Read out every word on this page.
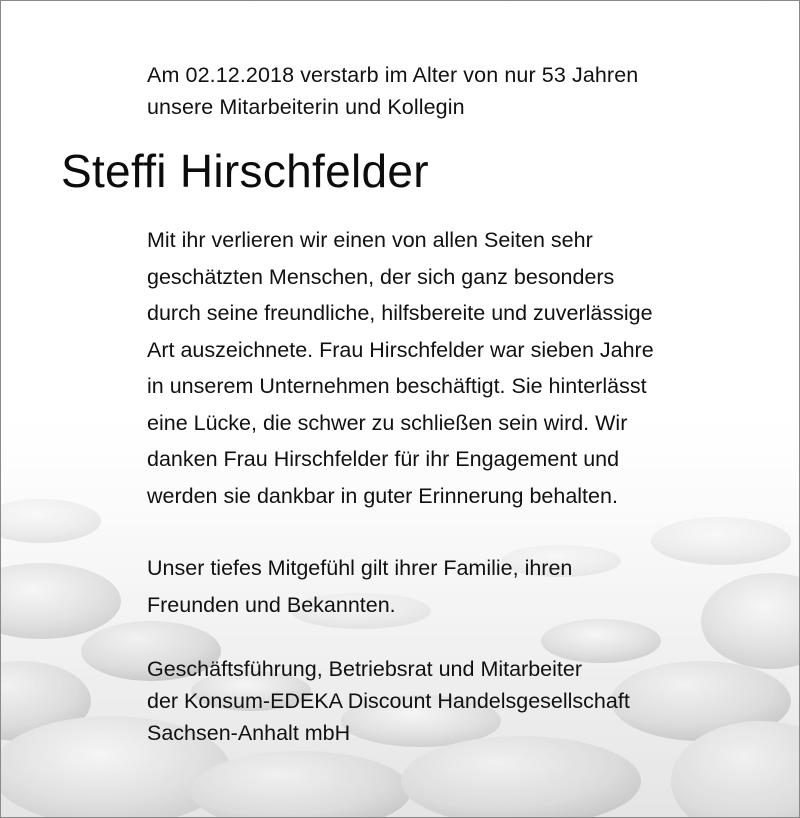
Am 02.12.2018 verstarb im Alter von nur 53 Jahren
unsere Mitarbeiterin und Kollegin
Steffi Hirschfelder
Mit ihr verlieren wir einen von allen Seiten sehr
geschätzten Menschen, der sich ganz besonders
durch seine freundliche, hilfsbereite und zuverlässige
Art auszeichnete. Frau Hirschfelder war sieben Jahre
in unserem Unternehmen beschäftigt. Sie hinterlässt
eine Lücke, die schwer zu schließen sein wird. Wir
danken Frau Hirschfelder für ihr Engagement und
werden sie dankbar in guter Erinnerung behalten.
Unser tiefes Mitgefühl gilt ihrer Familie, ihren
Freunden und Bekannten.
Geschäftsführung, Betriebsrat und Mitarbeiter
der Konsum-EDEKA Discount Handelsgesellschaft
Sachsen-Anhalt mbH
